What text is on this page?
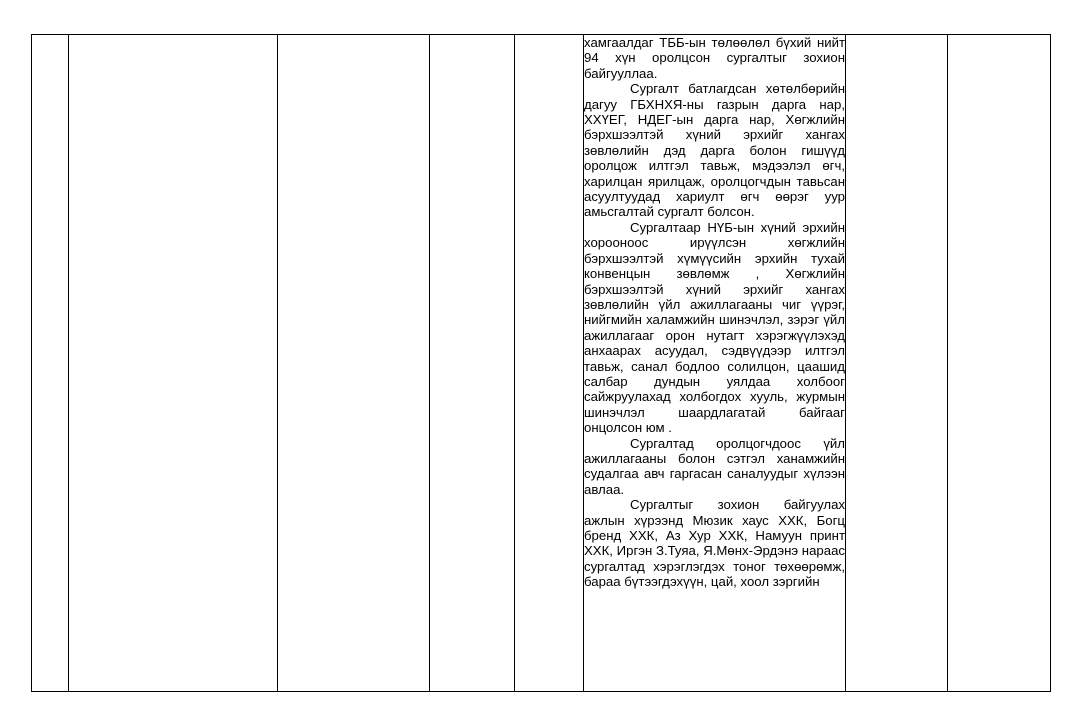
хамгаалдаг ТББ-ын төлөөлөл бүхий нийт 94 хүн оролцсон сургалтыг зохион байгууллаа.

Сургалт батлагдсан хөтөлбөрийн дагуу ГБХНХЯ-ны газрын дарга нар, ХХҮЕГ, НДЕГ-ын дарга нар, Хөгжлийн бэрхшээлтэй хүний эрхийг хангах зөвлөлийн дэд дарга болон гишүүд оролцож илтгэл тавьж, мэдээлэл өгч, харилцан ярилцаж, оролцогчдын тавьсан асуултуудад хариулт өгч өөрэг уур амьсгалтай сургалт болсон.

Сургалтаар НҮБ-ын хүний эрхийн хорооноос ирүүлсэн хөгжлийн бэрхшээлтэй хүмүүсийн эрхийн тухай конвенцын зөвлөмж , Хөгжлийн бэрхшээлтэй хүний эрхийг хангах зөвлөлийн үйл ажиллагааны чиг үүрэг, нийгмийн халамжийн шинэчлэл, зэрэг үйл ажиллагааг орон нутагт хэрэгжүүлэхэд анхаарах асуудал, сэдвүүдээр илтгэл тавьж, санал бодлоо солилцон, цаашид салбар дундын уялдаа холбоог сайжруулахад холбогдох хууль, журмын шинэчлэл шаардлагатай байгааг онцолсон юм .

Сургалтад оролцогчдоос үйл ажиллагааны болон сэтгэл ханамжийн судалгаа авч гаргасан саналуудыг хүлээн авлаа.

Сургалтыг зохион байгуулах ажлын хүрээнд Мюзик хаус ХХК, Богц бренд ХХК, Аз Хур ХХК, Намуун принт ХХК, Иргэн З.Туяа, Я.Мөнх-Эрдэнэ нараас сургалтад хэрэглэгдэх тоног төхөөрөмж, бараа бүтээгдэхүүн, цай, хоол зэргийн
